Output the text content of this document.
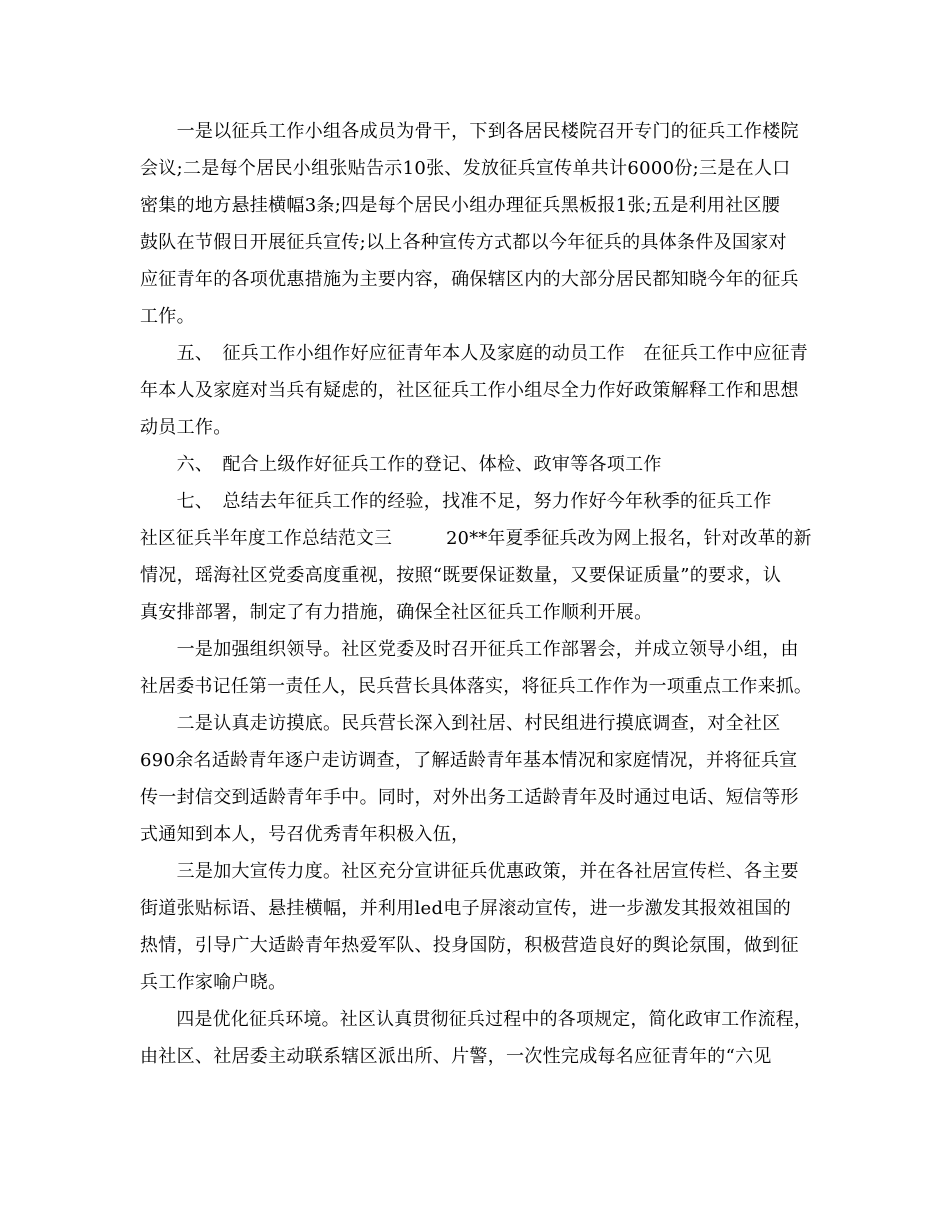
　　一是以征兵工作小组各成员为骨干，下到各居民楼院召开专门的征兵工作楼院
会议;二是每个居民小组张贴告示10张、发放征兵宣传单共计6000份;三是在人口
密集的地方悬挂横幅3条;四是每个居民小组办理征兵黑板报1张;五是利用社区腰
鼓队在节假日开展征兵宣传;以上各种宣传方式都以今年征兵的具体条件及国家对
应征青年的各项优惠措施为主要内容，确保辖区内的大部分居民都知晓今年的征兵
工作。
　　五、　征兵工作小组作好应征青年本人及家庭的动员工作　在征兵工作中应征青
年本人及家庭对当兵有疑虑的，社区征兵工作小组尽全力作好政策解释工作和思想
动员工作。
　　六、　配合上级作好征兵工作的登记、体检、政审等各项工作
　　七、　总结去年征兵工作的经验，找准不足，努力作好今年秋季的征兵工作
社区征兵半年度工作总结范文三　　　20**年夏季征兵改为网上报名，针对改革的新
情况，瑶海社区党委高度重视，按照“既要保证数量，又要保证质量”的要求，认
真安排部署，制定了有力措施，确保全社区征兵工作顺利开展。
　　一是加强组织领导。社区党委及时召开征兵工作部署会，并成立领导小组，由
社居委书记任第一责任人，民兵营长具体落实，将征兵工作作为一项重点工作来抓。
　　二是认真走访摸底。民兵营长深入到社居、村民组进行摸底调查，对全社区
690余名适龄青年逐户走访调查，了解适龄青年基本情况和家庭情况，并将征兵宣
传一封信交到适龄青年手中。同时，对外出务工适龄青年及时通过电话、短信等形
式通知到本人，号召优秀青年积极入伍，
　　三是加大宣传力度。社区充分宣讲征兵优惠政策，并在各社居宣传栏、各主要
街道张贴标语、悬挂横幅，并利用led电子屏滚动宣传，进一步激发其报效祖国的
热情，引导广大适龄青年热爱军队、投身国防，积极营造良好的舆论氛围，做到征
兵工作家喻户晓。
　　四是优化征兵环境。社区认真贯彻征兵过程中的各项规定，简化政审工作流程，
由社区、社居委主动联系辖区派出所、片警，一次性完成每名应征青年的“六见
